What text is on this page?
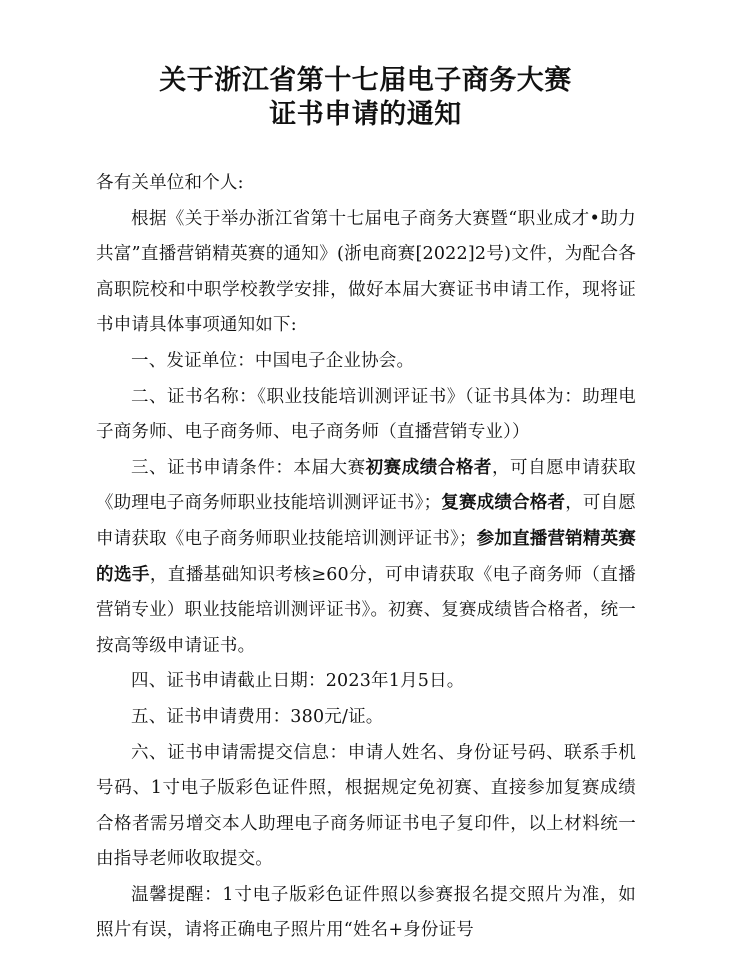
关于浙江省第十七届电子商务大赛
证书申请的通知

各有关单位和个人:

根据《关于举办浙江省第十七届电子商务大赛暨“职业成才•助力共富”直播营销精英赛的通知》(浙电商赛[2022]2号)文件，为配合各高职院校和中职学校教学安排，做好本届大赛证书申请工作，现将证书申请具体事项通知如下:

一、发证单位：中国电子企业协会。

二、证书名称：《职业技能培训测评证书》（证书具体为：助理电子商务师、电子商务师、电子商务师（直播营销专业））

三、证书申请条件：本届大赛初赛成绩合格者，可自愿申请获取《助理电子商务师职业技能培训测评证书》；复赛成绩合格者，可自愿申请获取《电子商务师职业技能培训测评证书》；参加直播营销精英赛的选手，直播基础知识考核≥60分，可申请获取《电子商务师（直播营销专业）职业技能培训测评证书》。初赛、复赛成绩皆合格者，统一按高等级申请证书。

四、证书申请截止日期：2023年1月5日。

五、证书申请费用：380元/证。

六、证书申请需提交信息：申请人姓名、身份证号码、联系手机号码、1寸电子版彩色证件照，根据规定免初赛、直接参加复赛成绩合格者需另增交本人助理电子商务师证书电子复印件，以上材料统一由指导老师收取提交。

温馨提醒：1寸电子版彩色证件照以参赛报名提交照片为准，如照片有误，请将正确电子照片用“姓名+身份证号
